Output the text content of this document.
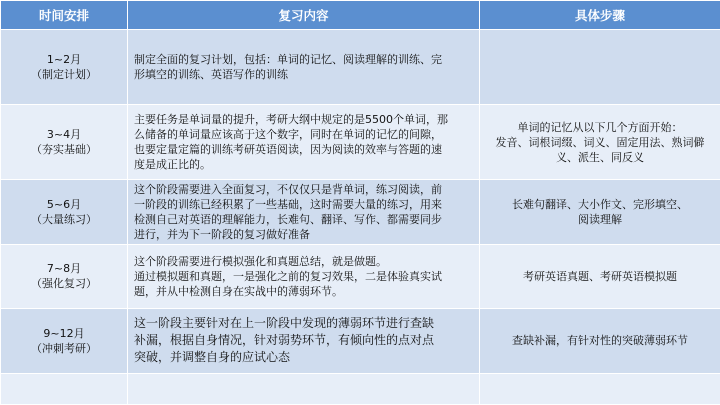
时间安排	复习内容	具体步骤

1~2月
（制定计划）	制定全面的复习计划，包括：单词的记忆、阅读理解的训练、完
形填空的训练、英语写作的训练	

3~4月
（夯实基础）	主要任务是单词量的提升，考研大纲中规定的是5500个单词，那
么储备的单词量应该高于这个数字，同时在单词的记忆的间隙，
也要定量定篇的训练考研英语阅读，因为阅读的效率与答题的速
度是成正比的。	单词的记忆从以下几个方面开始：
发音、词根词缀、词义、固定用法、熟词僻
义、派生、同反义

5~6月
（大量练习）	这个阶段需要进入全面复习，不仅仅只是背单词，练习阅读，前
一阶段的训练已经积累了一些基础，这时需要大量的练习，用来
检测自己对英语的理解能力，长难句、翻译、写作、都需要同步
进行，并为下一阶段的复习做好准备	长难句翻译、大小作文、完形填空、
阅读理解

7~8月
（强化复习）	这个阶段需要进行模拟强化和真题总结，就是做题。
通过模拟题和真题，一是强化之前的复习效果，二是体验真实试
题，并从中检测自身在实战中的薄弱环节。	考研英语真题、考研英语模拟题

9~12月
（冲刺考研）	这一阶段主要针对在上一阶段中发现的薄弱环节进行查缺
补漏，根据自身情况，针对弱势环节，有倾向性的点对点
突破，并调整自身的应试心态	查缺补漏，有针对性的突破薄弱环节
